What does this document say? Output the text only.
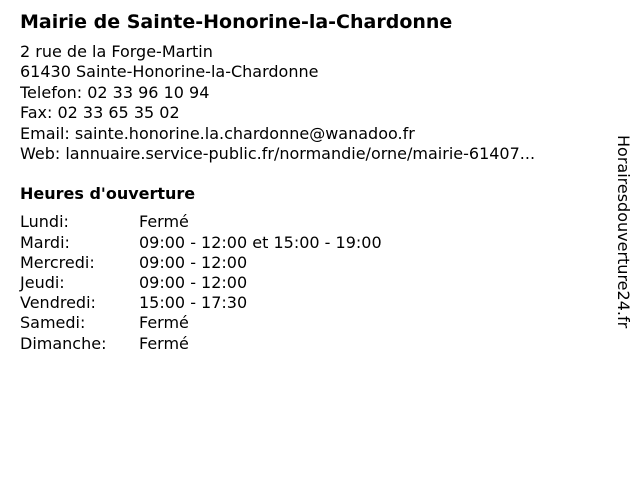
Mairie de Sainte-Honorine-la-Chardonne
2 rue de la Forge-Martin
61430 Sainte-Honorine-la-Chardonne
Telefon: 02 33 96 10 94
Fax: 02 33 65 35 02
Email: sainte.honorine.la.chardonne@wanadoo.fr
Web: lannuaire.service-public.fr/normandie/orne/mairie-61407...
Heures d'ouverture
Lundi:	Fermé
Mardi:	09:00 - 12:00 et 15:00 - 19:00
Mercredi:	09:00 - 12:00
Jeudi:	09:00 - 12:00
Vendredi:	15:00 - 17:30
Samedi:	Fermé
Dimanche:	Fermé
Horairesdouverture24.fr
